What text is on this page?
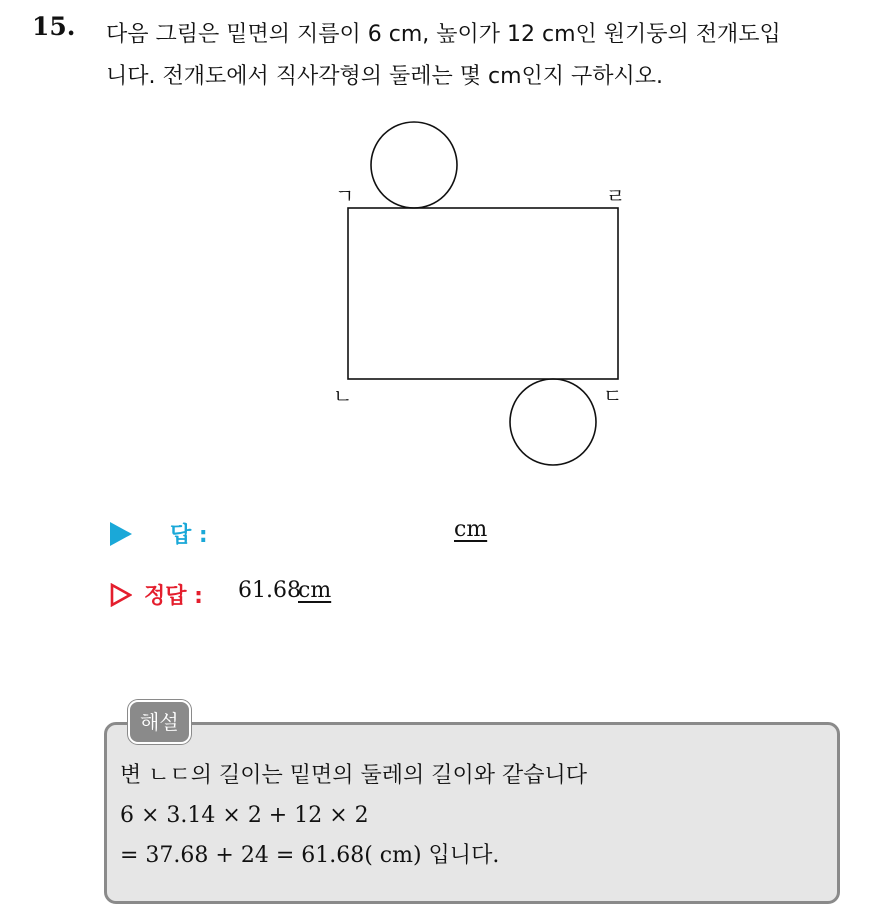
15. 다음 그림은 밑면의 지름이 6 cm, 높이가 12 cm인 원기둥의 전개도입
니다. 전개도에서 직사각형의 둘레는 몇 cm인지 구하시오.
ㄱ	ㄹ
ㄴ	ㄷ
답 :	cm
정답 : 61.68
cm
해설
변 ㄴㄷ의 길이는 밑면의 둘레의 길이와 같습니다
6 × 3.14 × 2 + 12 × 2
= 37.68 + 24 = 61.68( cm) 입니다.
